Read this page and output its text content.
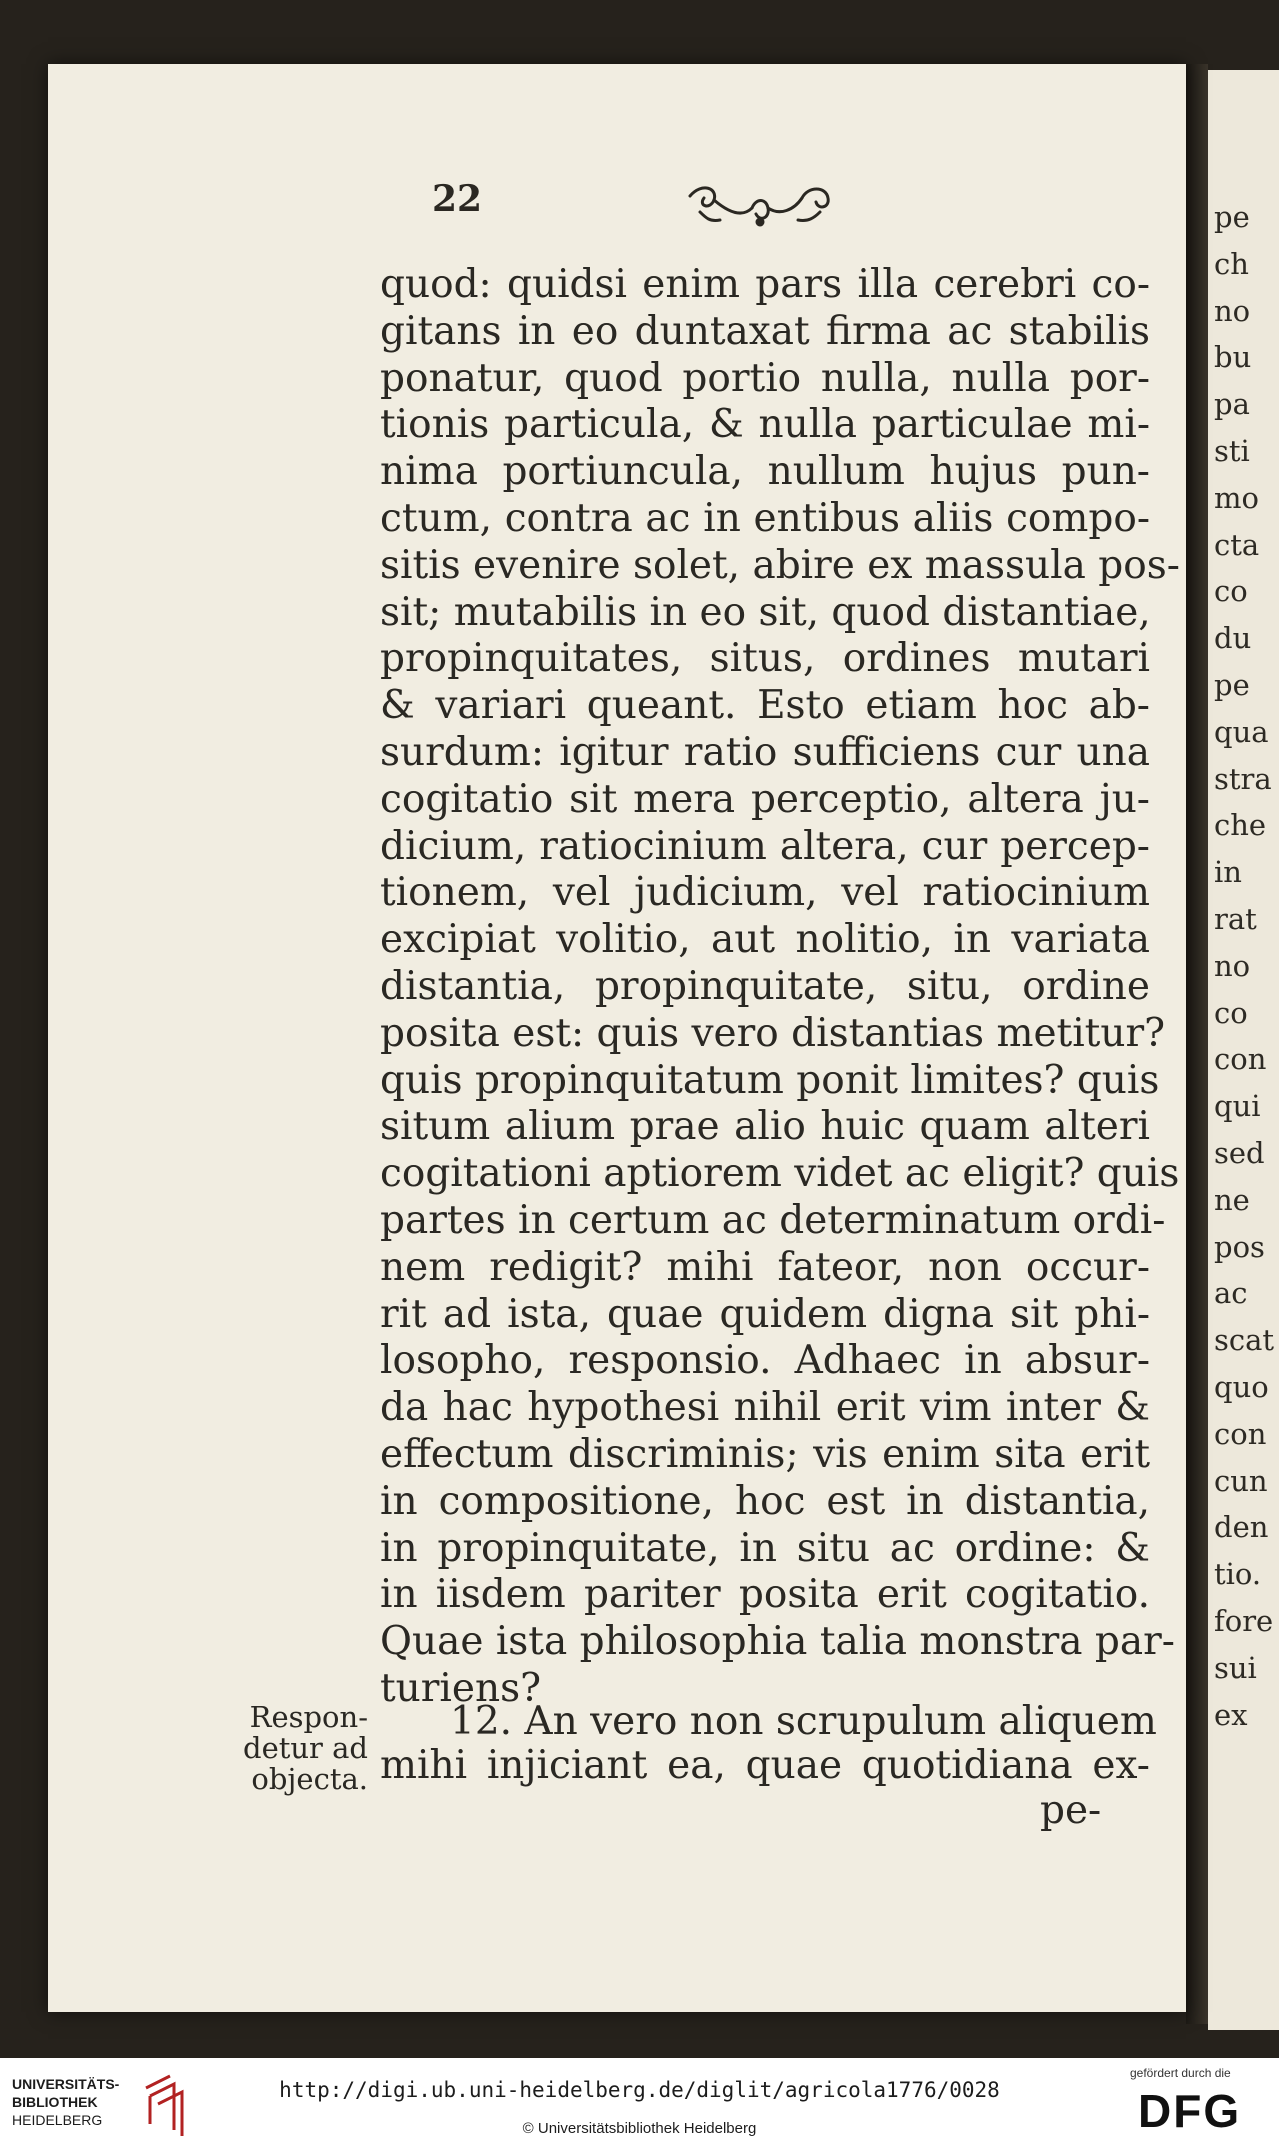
pe
ch
no
bu
pa
sti
mo
cta
co
du
pe
qua
stra
che
in
rat
no
co
con
qui
sed
ne
pos
ac
scat
quo
con
cun
den
tio.
fore
sui
ex
22
quod: quidsi enim pars illa cerebri co-
gitans in eo duntaxat firma ac stabilis
ponatur, quod portio nulla, nulla por-
tionis particula, & nulla particulae mi-
nima portiuncula, nullum hujus pun-
ctum, contra ac in entibus aliis compo-
sitis evenire solet, abire ex massula pos-
sit; mutabilis in eo sit, quod distantiae,
propinquitates, situs, ordines mutari
& variari queant. Esto etiam hoc ab-
surdum: igitur ratio sufficiens cur una
cogitatio sit mera perceptio, altera ju-
dicium, ratiocinium altera, cur percep-
tionem, vel judicium, vel ratiocinium
excipiat volitio, aut nolitio, in variata
distantia, propinquitate, situ, ordine
posita est: quis vero distantias metitur?
quis propinquitatum ponit limites? quis
situm alium prae alio huic quam alteri
cogitationi aptiorem videt ac eligit? quis
partes in certum ac determinatum ordi-
nem redigit? mihi fateor, non occur-
rit ad ista, quae quidem digna sit phi-
losopho, responsio. Adhaec in absur-
da hac hypothesi nihil erit vim inter &
effectum discriminis; vis enim sita erit
in compositione, hoc est in distantia,
in propinquitate, in situ ac ordine: &
in iisdem pariter posita erit cogitatio.
Quae ista philosophia talia monstra par-
turiens?
Respon-
detur ad
objecta.
12. An vero non scrupulum aliquem
mihi injiciant ea, quae quotidiana ex-
pe-
UNIVERSITÄTS-
BIBLIOTHEK
HEIDELBERG
http://digi.ub.uni-heidelberg.de/diglit/agricola1776/0028
© Universitätsbibliothek Heidelberg
gefördert durch die
DFG
